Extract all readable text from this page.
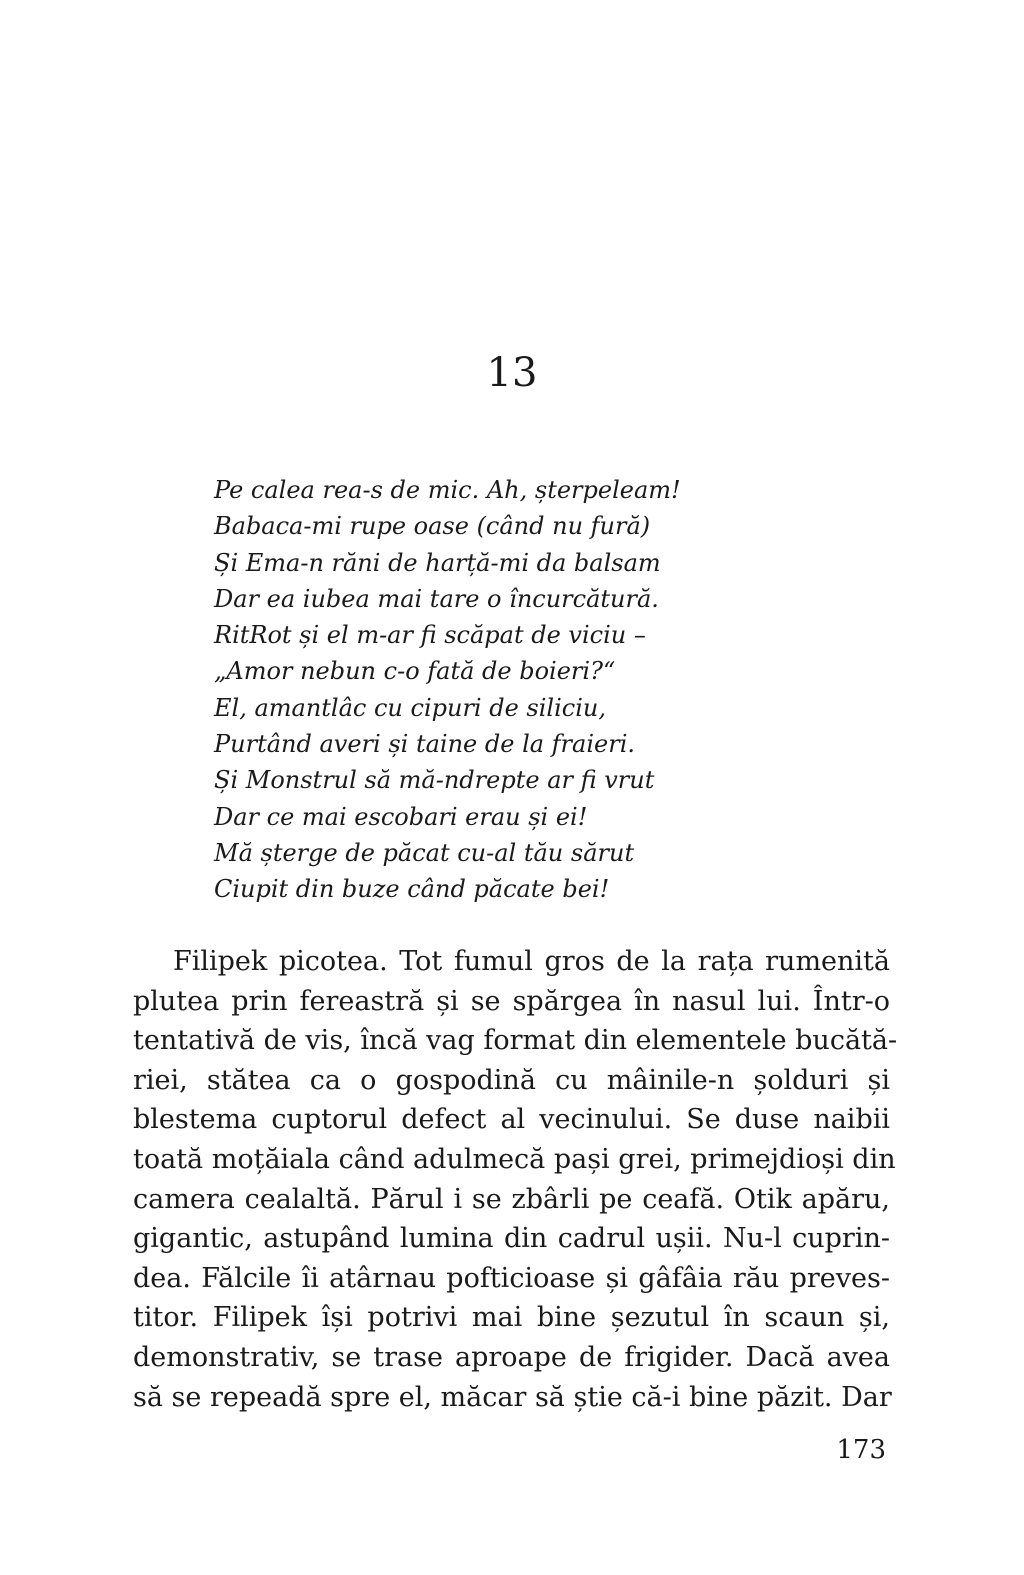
13
Pe calea rea-s de mic. Ah, șterpeleam!
Babaca-mi rupe oase (când nu fură)
Și Ema-n răni de harță-mi da balsam
Dar ea iubea mai tare o încurcătură.
RitRot și el m-ar fi scăpat de viciu –
„Amor nebun c-o fată de boieri?“
El, amantlâc cu cipuri de siliciu,
Purtând averi și taine de la fraieri.
Și Monstrul să mă-ndrepte ar fi vrut
Dar ce mai escobari erau și ei!
Mă șterge de păcat cu-al tău sărut
Ciupit din buze când păcate bei!
Filipek picotea. Tot fumul gros de la rața rumenită
plutea prin fereastră și se spărgea în nasul lui. Într-o
tentativă de vis, încă vag format din elementele bucătă-
riei, stătea ca o gospodină cu mâinile-n șolduri și
blestema cuptorul defect al vecinului. Se duse naibii
toată moțăiala când adulmecă pași grei, primejdioși din
camera cealaltă. Părul i se zbârli pe ceafă. Otik apăru,
gigantic, astupând lumina din cadrul ușii. Nu-l cuprin-
dea. Fălcile îi atârnau pofticioase și gâfâia rău preves-
titor. Filipek își potrivi mai bine șezutul în scaun și,
demonstrativ, se trase aproape de frigider. Dacă avea
să se repeadă spre el, măcar să știe că-i bine păzit. Dar
173
